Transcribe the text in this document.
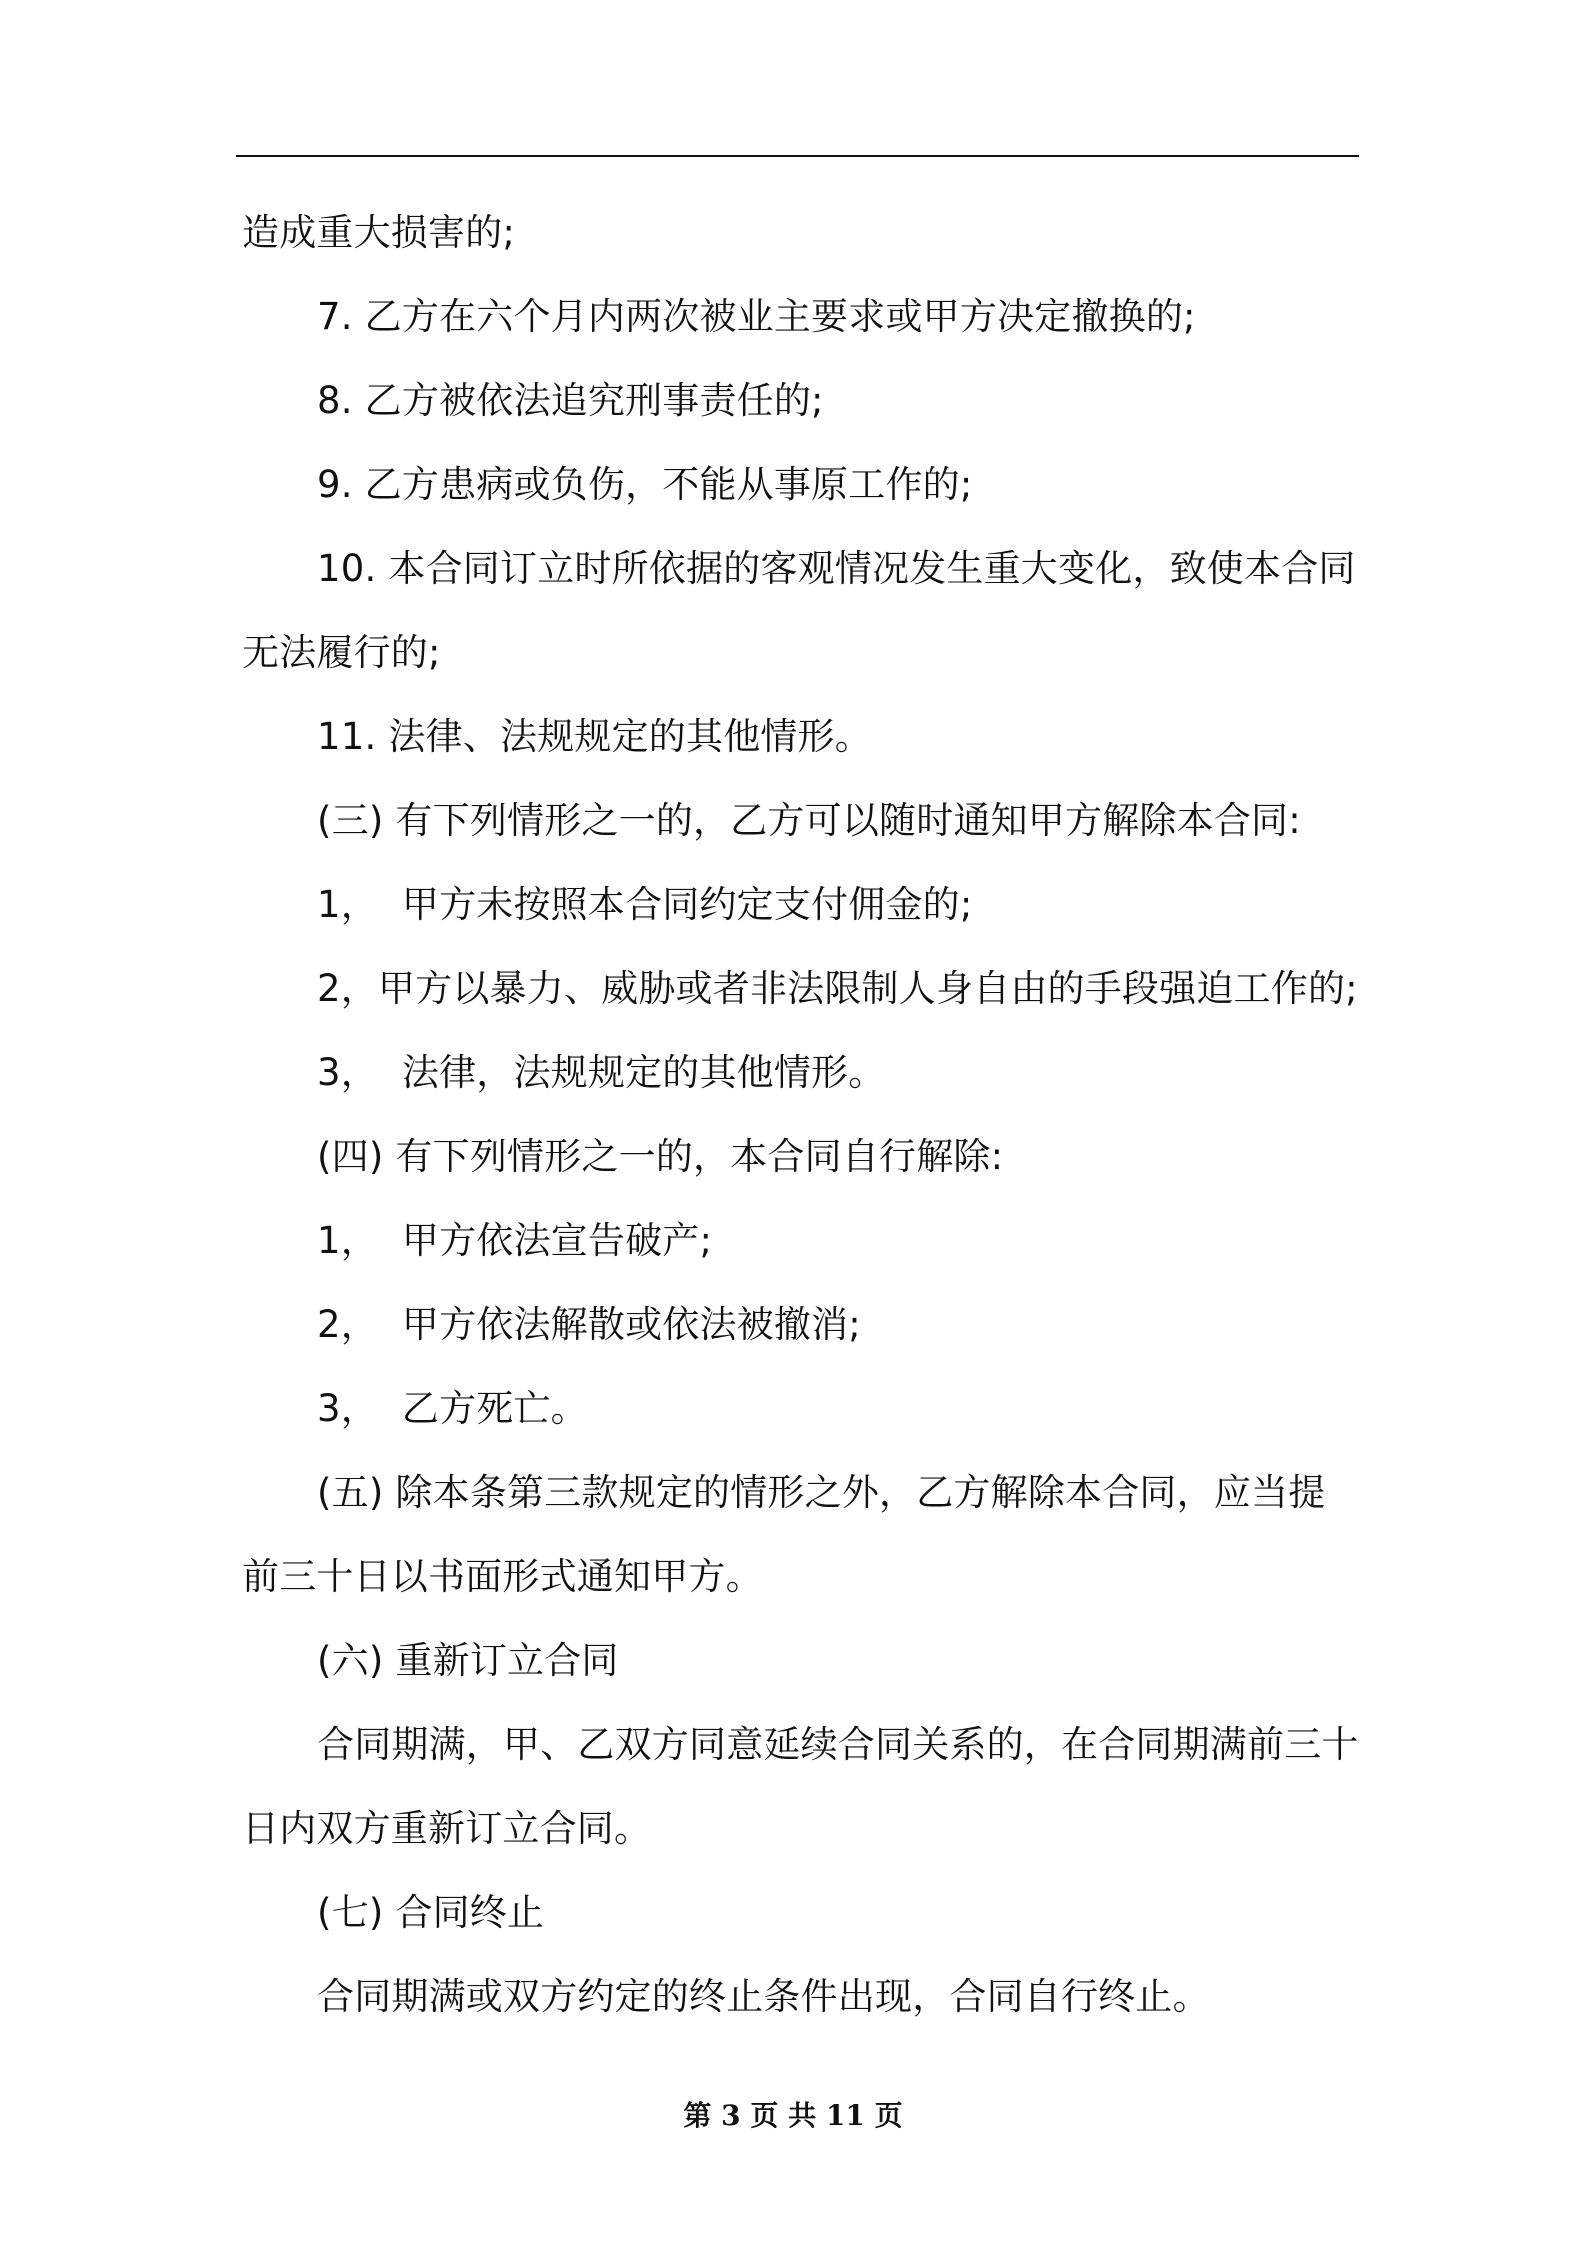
造成重大损害的;
7. 乙方在六个月内两次被业主要求或甲方决定撤换的;
8. 乙方被依法追究刑事责任的;
9. 乙方患病或负伤，不能从事原工作的;
10. 本合同订立时所依据的客观情况发生重大变化，致使本合同
无法履行的;
11. 法律、法规规定的其他情形。
(三) 有下列情形之一的，乙方可以随时通知甲方解除本合同:
1，  甲方未按照本合同约定支付佣金的;
2，甲方以暴力、威胁或者非法限制人身自由的手段强迫工作的;
3，  法律，法规规定的其他情形。
(四) 有下列情形之一的，本合同自行解除:
1，  甲方依法宣告破产;
2，  甲方依法解散或依法被撤消;
3，  乙方死亡。
(五) 除本条第三款规定的情形之外，乙方解除本合同，应当提
前三十日以书面形式通知甲方。
(六) 重新订立合同
合同期满，甲、乙双方同意延续合同关系的，在合同期满前三十
日内双方重新订立合同。
(七) 合同终止
合同期满或双方约定的终止条件出现，合同自行终止。
第 3 页 共 11 页
